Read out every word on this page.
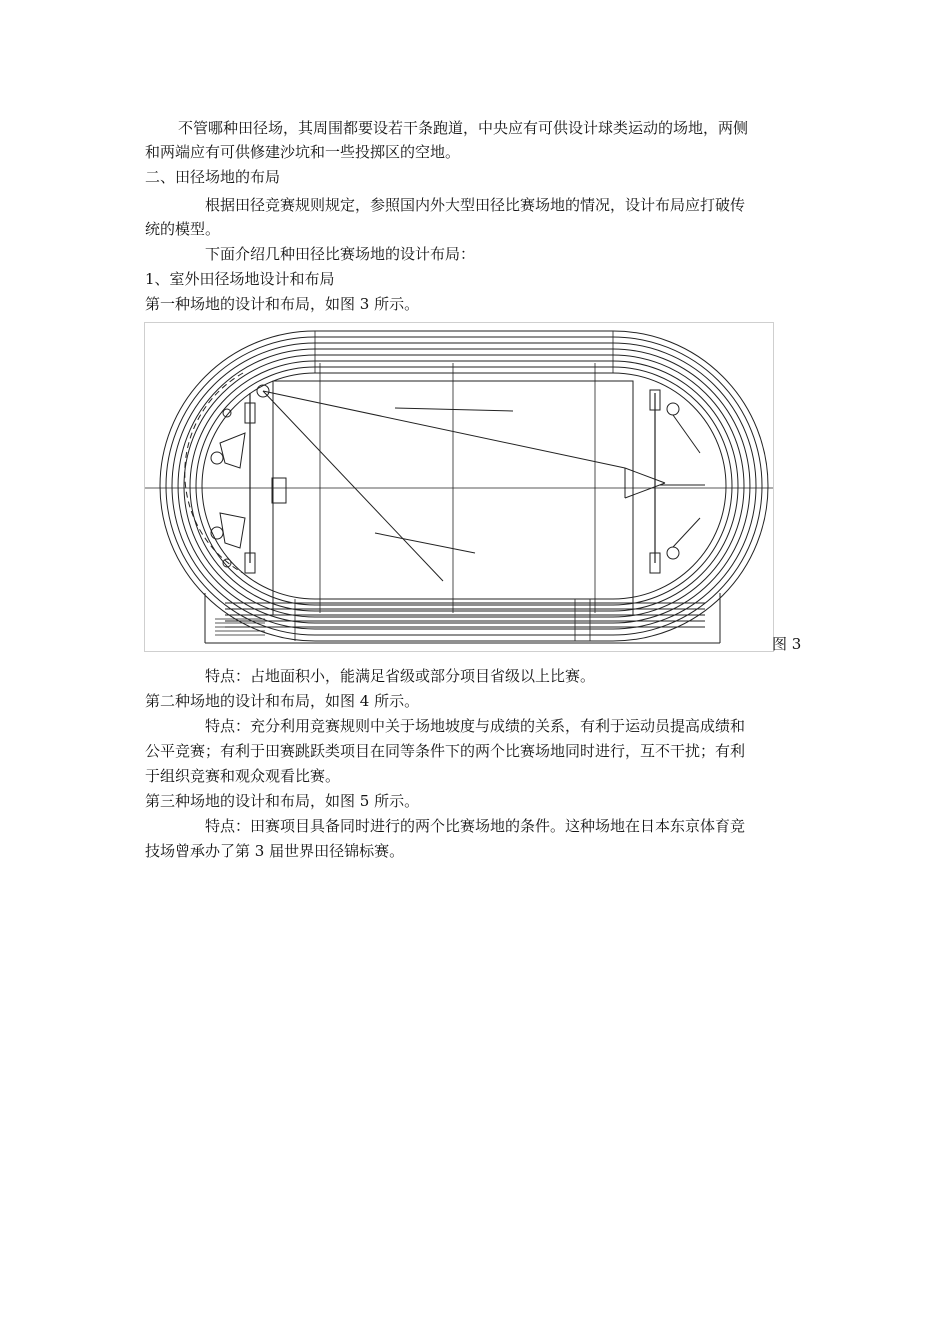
不管哪种田径场，其周围都要设若干条跑道，中央应有可供设计球类运动的场地，两侧
和两端应有可供修建沙坑和一些投掷区的空地。
二、田径场地的布局
根据田径竞赛规则规定，参照国内外大型田径比赛场地的情况，设计布局应打破传
统的模型。
下面介绍几种田径比赛场地的设计布局：
1、室外田径场地设计和布局
第一种场地的设计和布局，如图 3 所示。
图 3
特点：占地面积小，能满足省级或部分项目省级以上比赛。
第二种场地的设计和布局，如图 4 所示。
特点：充分利用竞赛规则中关于场地坡度与成绩的关系，有利于运动员提高成绩和
公平竞赛；有利于田赛跳跃类项目在同等条件下的两个比赛场地同时进行，互不干扰；有利
于组织竞赛和观众观看比赛。
第三种场地的设计和布局，如图 5 所示。
特点：田赛项目具备同时进行的两个比赛场地的条件。这种场地在日本东京体育竞
技场曾承办了第 3 届世界田径锦标赛。
